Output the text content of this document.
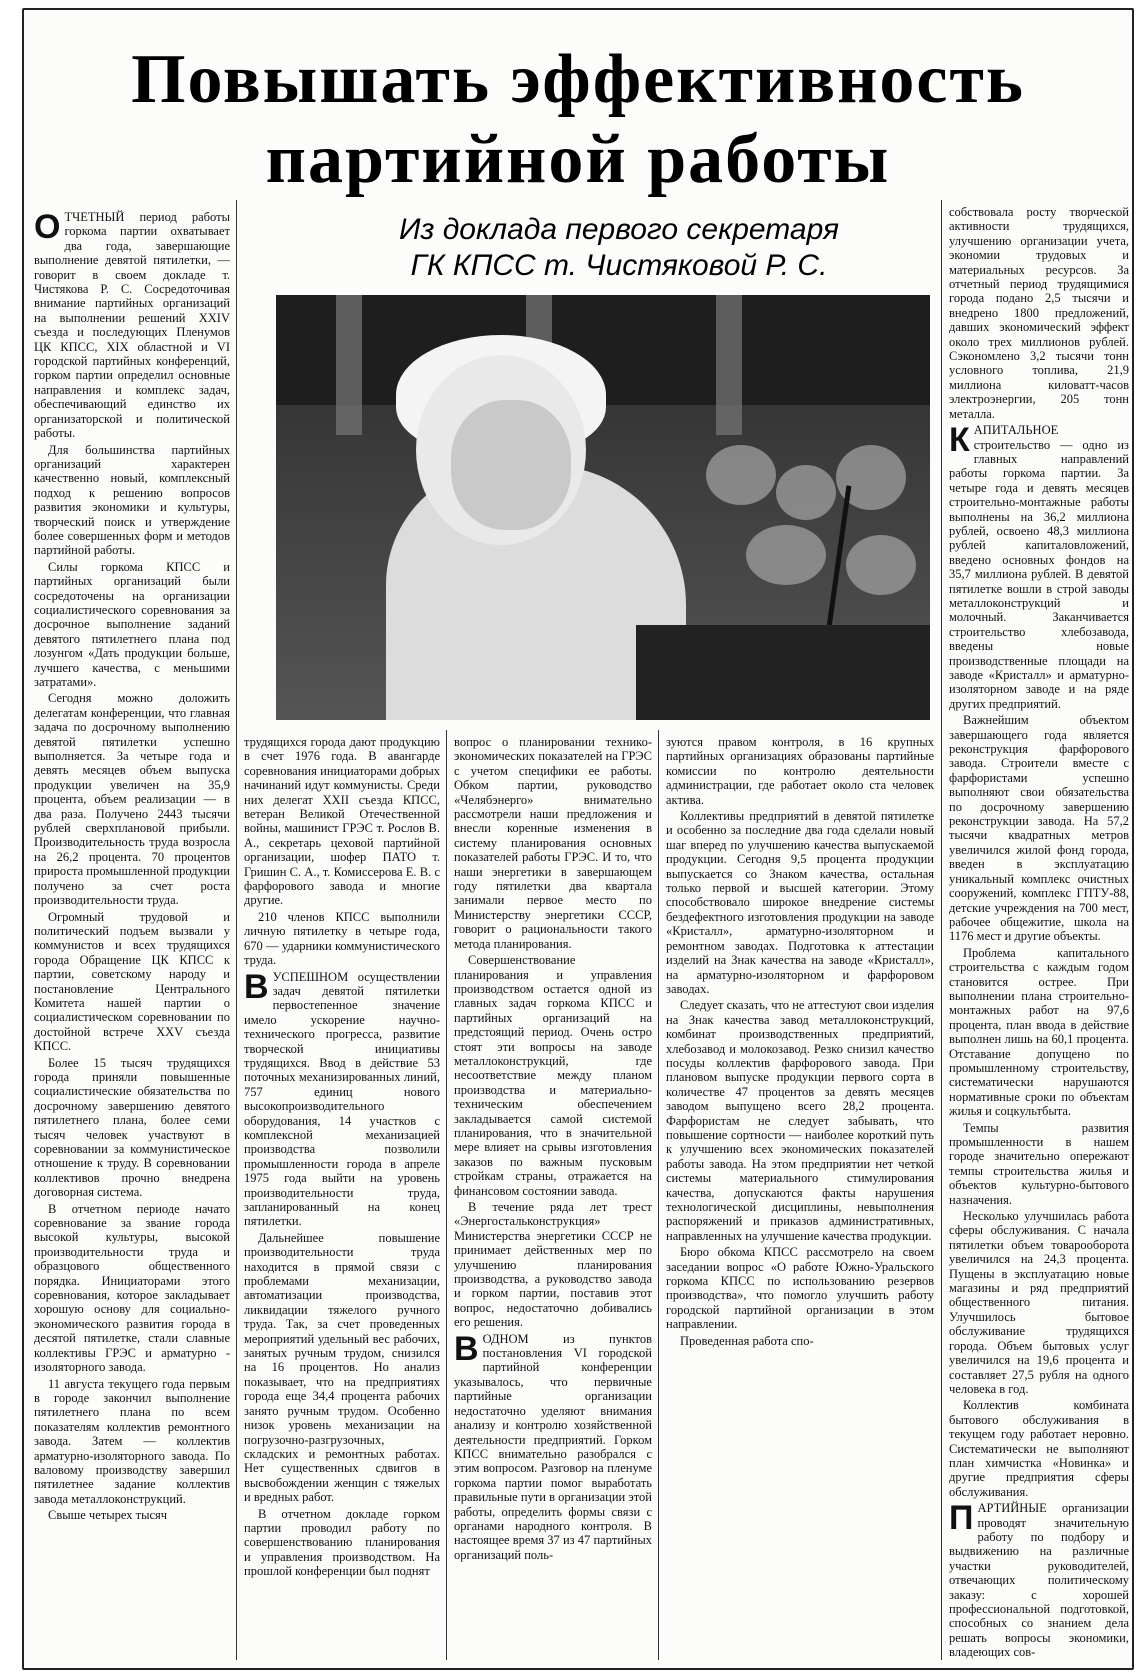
Повышать эффективность
партийной работы
Из доклада первого секретаря
ГК КПСС т. Чистяковой Р. С.

ОТЧЕТНЫЙ период работы горкома партии охватывает два года, завершающие выполнение девятой пятилетки, — говорит в своем докладе т. Чистякова Р. С. Сосредоточивая внимание партийных организаций на выполнении решений XXIV съезда и последующих Пленумов ЦК КПСС, XIX областной и VI городской партийных конференций, горком партии определил основные направления и комплекс задач, обеспечивающий единство их организаторской и политической работы.

Для большинства партийных организаций характерен качественно новый, комплексный подход к решению вопросов развития экономики и культуры, творческий поиск и утверждение более совершенных форм и методов партийной работы.

Силы горкома КПСС и партийных организаций были сосредоточены на организации социалистического соревнования за досрочное выполнение заданий девятого пятилетнего плана под лозунгом «Дать продукции больше, лучшего качества, с меньшими затратами».

Сегодня можно доложить делегатам конференции, что главная задача по досрочному выполнению девятой пятилетки успешно выполняется. За четыре года и девять месяцев объем выпуска продукции увеличен на 35,9 процента, объем реализации — в два раза. Получено 2443 тысячи рублей сверхплановой прибыли. Производительность труда возросла на 26,2 процента. 70 процентов прироста промышленной продукции получено за счет роста производительности труда.

Огромный трудовой и политический подъем вызвали у коммунистов и всех трудящихся города Обращение ЦК КПСС к партии, советскому народу и постановление Центрального Комитета нашей партии о социалистическом соревновании по достойной встрече XXV съезда КПСС.

Более 15 тысяч трудящихся города приняли повышенные социалистические обязательства по досрочному завершению девятого пятилетнего плана, более семи тысяч человек участвуют в соревновании за коммунистическое отношение к труду. В соревновании коллективов прочно внедрена договорная система.

В отчетном периоде начато соревнование за звание города высокой культуры, высокой производительности труда и образцового общественного порядка. Инициаторами этого соревнования, которое закладывает хорошую основу для социально-экономического развития города в десятой пятилетке, стали славные коллективы ГРЭС и арматурно - изоляторного завода.

11 августа текущего года первым в городе закончил выполнение пятилетнего плана по всем показателям коллектив ремонтного завода. Затем — коллектив арматурно-изоляторного завода. По валовому производству завершил пятилетнее задание коллектив завода металлоконструкций.

Свыше четырех тысяч

трудящихся города дают продукцию в счет 1976 года. В авангарде соревнования инициаторами добрых начинаний идут коммунисты. Среди них делегат XXII съезда КПСС, ветеран Великой Отечественной войны, машинист ГРЭС т. Рослов В. А., секретарь цеховой партийной организации, шофер ПАТО т. Гришин С. А., т. Комиссерова Е. В. с фарфорового завода и многие другие.

210 членов КПСС выполнили личную пятилетку в четыре года, 670 — ударники коммунистического труда.

ВУСПЕШНОМ осуществлении задач девятой пятилетки первостепенное значение имело ускорение научно-технического прогресса, развитие творческой инициативы трудящихся. Ввод в действие 53 поточных механизированных линий, 757 единиц нового высокопроизводительного оборудования, 14 участков с комплексной механизацией производства позволили промышленности города в апреле 1975 года выйти на уровень производительности труда, запланированный на конец пятилетки.

Дальнейшее повышение производительности труда находится в прямой связи с проблемами механизации, автоматизации производства, ликвидации тяжелого ручного труда. Так, за счет проведенных мероприятий удельный вес рабочих, занятых ручным трудом, снизился на 16 процентов. Но анализ показывает, что на предприятиях города еще 34,4 процента рабочих занято ручным трудом. Особенно низок уровень механизации на погрузочно-разгрузочных, складских и ремонтных работах. Нет существенных сдвигов в высвобождении женщин с тяжелых и вредных работ.

В отчетном докладе горком партии проводил работу по совершенствованию планирования и управления производством. На прошлой конференции был поднят

вопрос о планировании технико- экономических показателей на ГРЭС с учетом специфики ее работы. Обком партии, руководство «Челябэнерго» внимательно рассмотрели наши предложения и внесли коренные изменения в систему планирования основных показателей работы ГРЭС. И то, что наши энергетики в завершающем году пятилетки два квартала занимали первое место по Министерству энергетики СССР, говорит о рациональности такого метода планирования.

Совершенствование планирования и управления производством остается одной из главных задач горкома КПСС и партийных организаций на предстоящий период. Очень остро стоят эти вопросы на заводе металлоконструкций, где несоответствие между планом производства и материально-техническим обеспечением закладывается самой системой планирования, что в значительной мере влияет на срывы изготовления заказов по важным пусковым стройкам страны, отражается на финансовом состоянии завода.

В течение ряда лет трест «Энергостальконструкция» Министерства энергетики СССР не принимает действенных мер по улучшению планирования производства, а руководство завода и горком партии, поставив этот вопрос, недостаточно добивались его решения.

ВОДНОМ из пунктов постановления VI городской партийной конференции указывалось, что первичные партийные организации недостаточно уделяют внимания анализу и контролю хозяйственной деятельности предприятий. Горком КПСС внимательно разобрался с этим вопросом. Разговор на пленуме горкома партии помог выработать правильные пути в организации этой работы, определить формы связи с органами народного контроля. В настоящее время 37 из 47 партийных организаций поль-

зуются правом контроля, в 16 крупных партийных организациях образованы партийные комиссии по контролю деятельности администрации, где работает около ста человек актива.

Коллективы предприятий в девятой пятилетке и особенно за последние два года сделали новый шаг вперед по улучшению качества выпускаемой продукции. Сегодня 9,5 процента продукции выпускается со Знаком качества, остальная только первой и высшей категории. Этому способствовало широкое внедрение системы бездефектного изготовления продукции на заводе «Кристалл», арматурно-изоляторном и ремонтном заводах. Подготовка к аттестации изделий на Знак качества на заводе «Кристалл», на арматурно-изоляторном и фарфоровом заводах.

Следует сказать, что не аттестуют свои изделия на Знак качества завод металлоконструкций, комбинат производственных предприятий, хлебозавод и молокозавод. Резко снизил качество посуды коллектив фарфорового завода. При плановом выпуске продукции первого сорта в количестве 47 процентов за девять месяцев заводом выпущено всего 28,2 процента. Фарфористам не следует забывать, что повышение сортности — наиболее короткий путь к улучшению всех экономических показателей работы завода. На этом предприятии нет четкой системы материального стимулирования качества, допускаются факты нарушения технологической дисциплины, невыполнения распоряжений и приказов административных, направленных на улучшение качества продукции.

Бюро обкома КПСС рассмотрело на своем заседании вопрос «О работе Южно-Уральского горкома КПСС по использованию резервов производства», что помогло улучшить работу городской партийной организации в этом направлении.

Проведенная работа спо-

собствовала росту творческой активности трудящихся, улучшению организации учета, экономии трудовых и материальных ресурсов. За отчетный период трудящимися города подано 2,5 тысячи и внедрено 1800 предложений, давших экономический эффект около трех миллионов рублей. Сэкономлено 3,2 тысячи тонн условного топлива, 21,9 миллиона киловатт-часов электроэнергии, 205 тонн металла.

КАПИТАЛЬНОЕ строительство — одно из главных направлений работы горкома партии. За четыре года и девять месяцев строительно-монтажные работы выполнены на 36,2 миллиона рублей, освоено 48,3 миллиона рублей капиталовложений, введено основных фондов на 35,7 миллиона рублей. В девятой пятилетке вошли в строй заводы металлоконструкций и молочный. Заканчивается строительство хлебозавода, введены новые производственные площади на заводе «Кристалл» и арматурно-изоляторном заводе и на ряде других предприятий.

Важнейшим объектом завершающего года является реконструкция фарфорового завода. Строители вместе с фарфористами успешно выполняют свои обязательства по досрочному завершению реконструкции завода. На 57,2 тысячи квадратных метров увеличился жилой фонд города, введен в эксплуатацию уникальный комплекс очистных сооружений, комплекс ГПТУ-88, детские учреждения на 700 мест, рабочее общежитие, школа на 1176 мест и другие объекты.

Проблема капитального строительства с каждым годом становится острее. При выполнении плана строительно-монтажных работ на 97,6 процента, план ввода в действие выполнен лишь на 60,1 процента. Отставание допущено по промышленному строительству, систематически нарушаются нормативные сроки по объектам жилья и соцкультбыта.

Темпы развития промышленности в нашем городе значительно опережают темпы строительства жилья и объектов культурно-бытового назначения.

Несколько улучшилась работа сферы обслуживания. С начала пятилетки объем товарооборота увеличился на 24,3 процента. Пущены в эксплуатацию новые магазины и ряд предприятий общественного питания. Улучшилось бытовое обслуживание трудящихся города. Объем бытовых услуг увеличился на 19,6 процента и составляет 27,5 рубля на одного человека в год.

Коллектив комбината бытового обслуживания в текущем году работает неровно. Систематически не выполняют план химчистка «Новинка» и другие предприятия сферы обслуживания.

ПАРТИЙНЫЕ организации проводят значительную работу по подбору и выдвижению на различные участки руководителей, отвечающих политическому заказу: с хорошей профессиональной подготовкой, способных со знанием дела решать вопросы экономики, владеющих сов-
